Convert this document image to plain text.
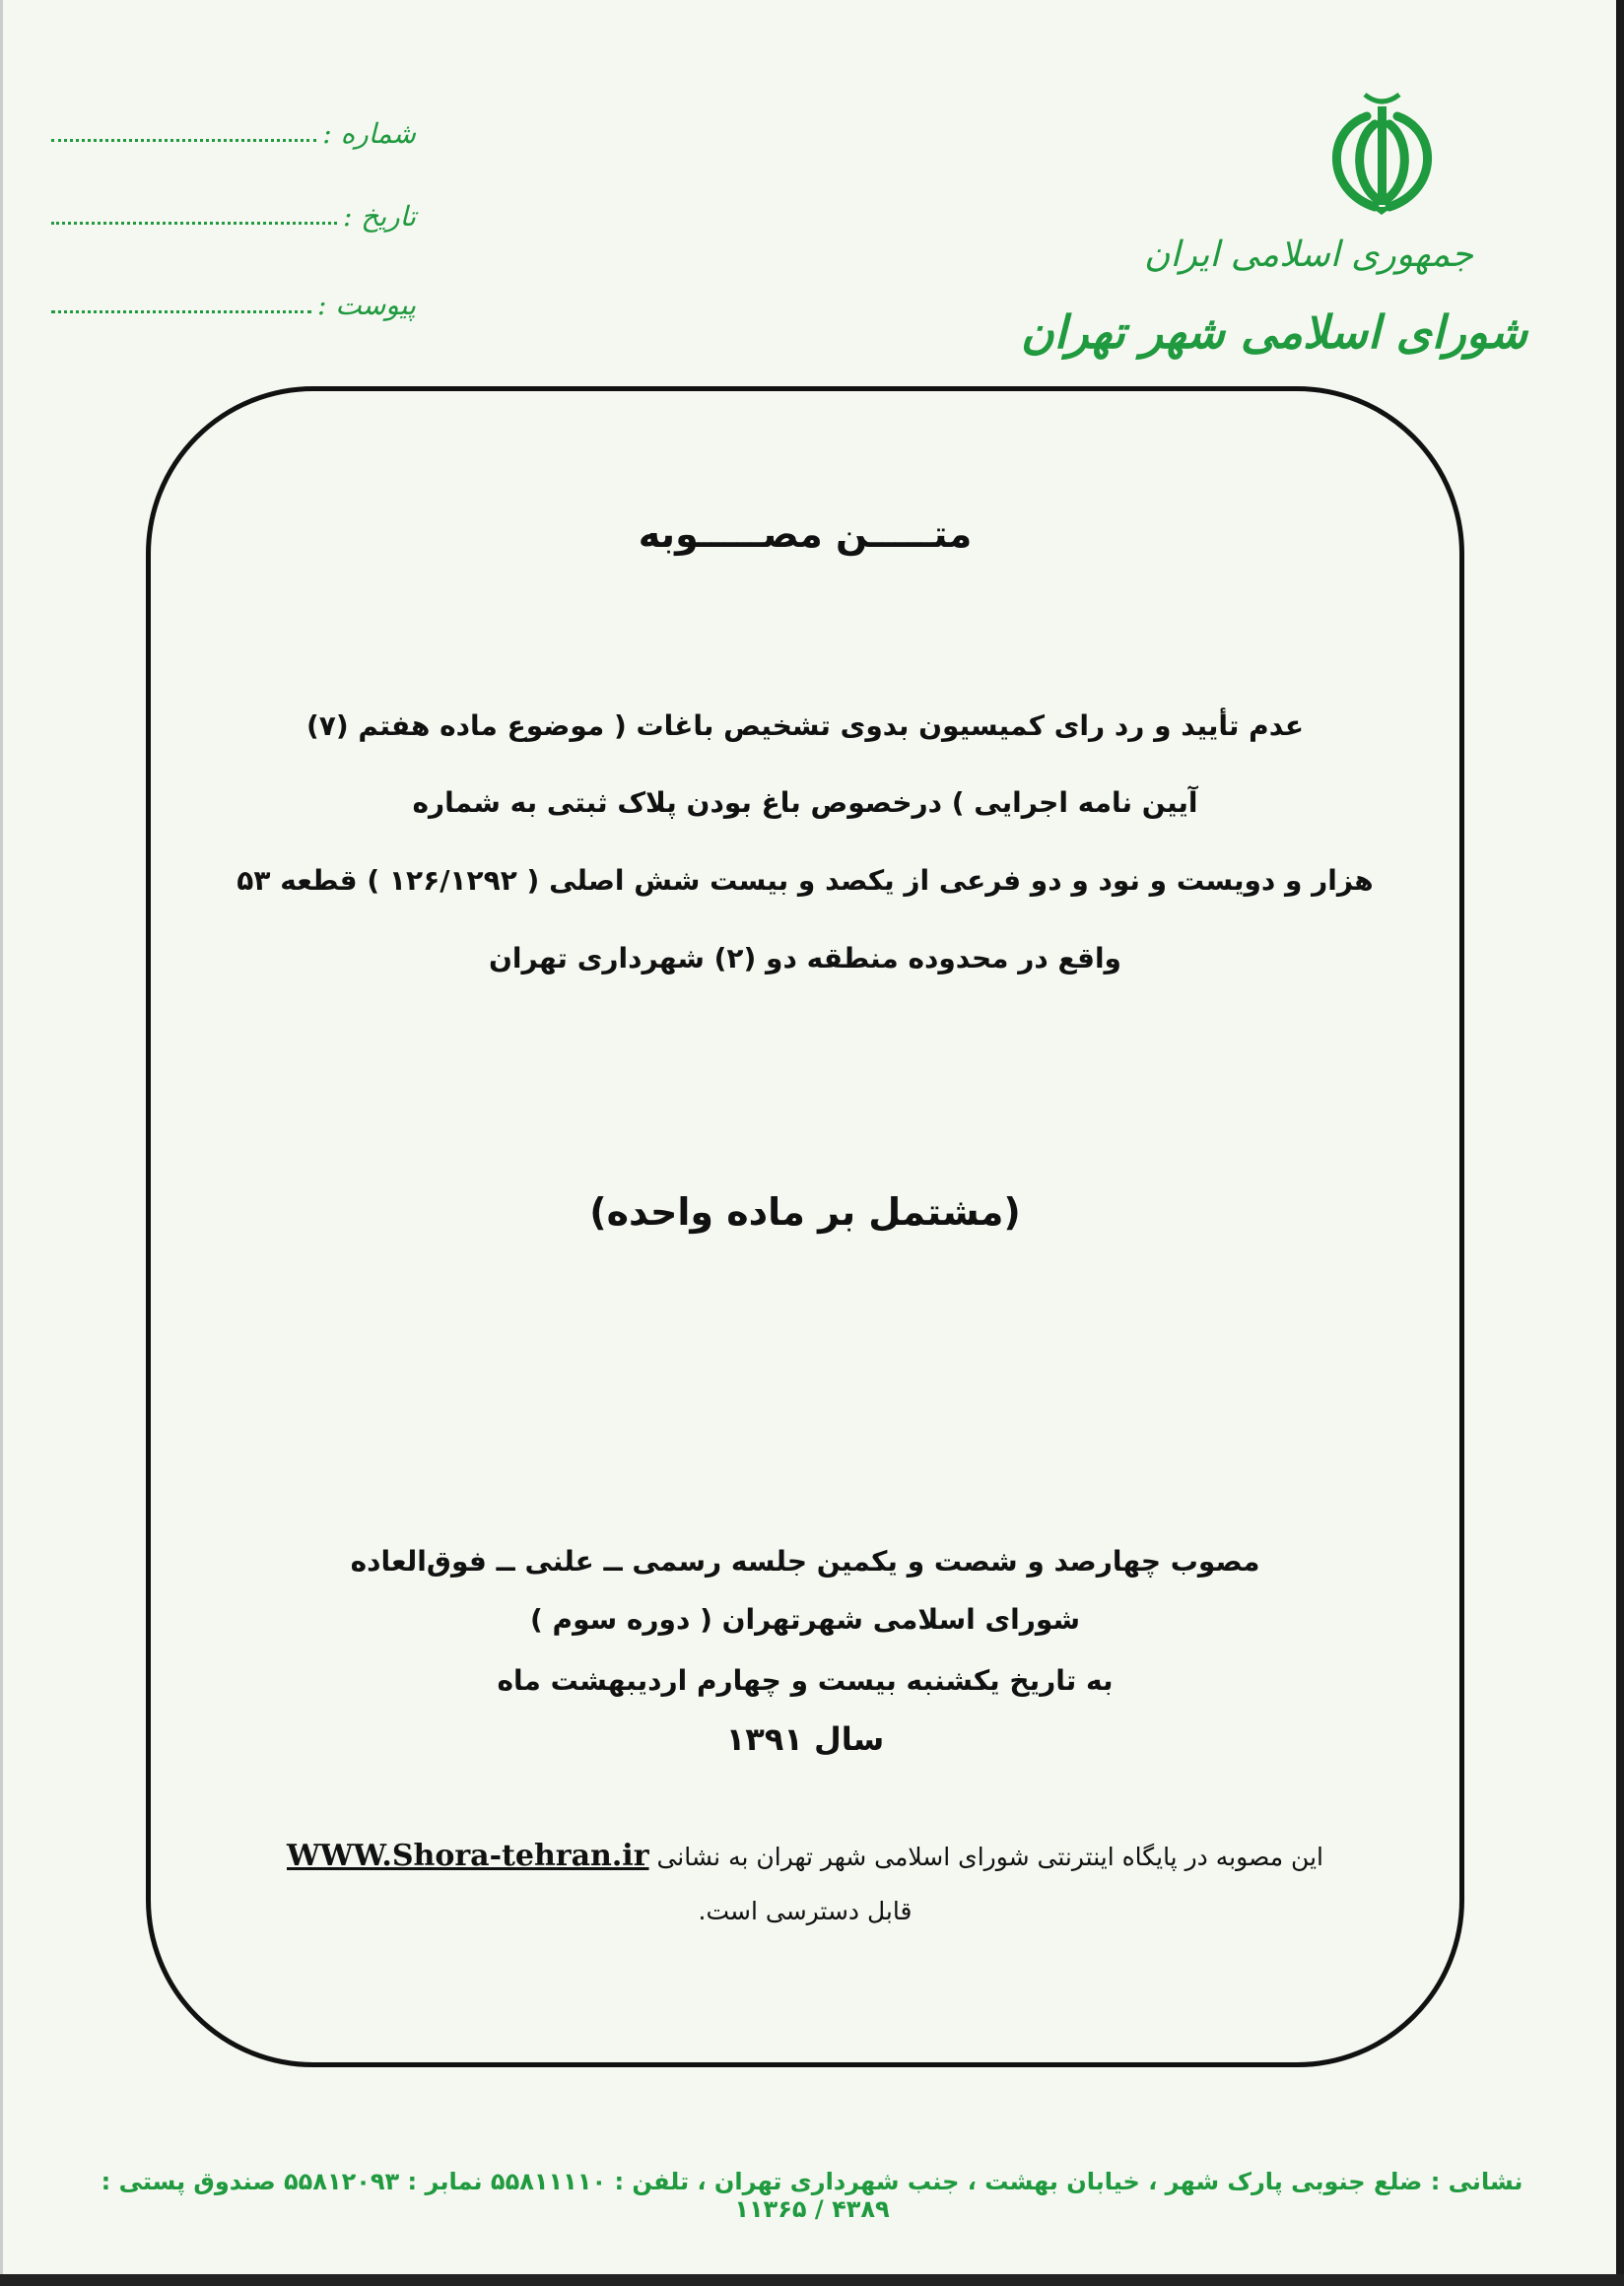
جمهوری اسلامی ایران
شورای اسلامی شهر تهران
شماره :
تاریخ :
پیوست :
متـــــن مصـــــوبه
عدم تأیید و رد رای کمیسیون بدوی تشخیص باغات ( موضوع ماده هفتم (۷)
آیین نامه اجرایی ) درخصوص باغ بودن پلاک ثبتی به شماره
هزار و دویست و نود و دو فرعی از یکصد و بیست شش اصلی ( ۱۲۶/۱۲۹۲ ) قطعه ۵۳
واقع در محدوده منطقه دو (۲) شهرداری تهران
(مشتمل بر ماده واحده)
مصوب چهارصد و شصت و یکمین جلسه رسمی ــ علنی ــ فوق‌العاده
شورای اسلامی شهرتهران ( دوره سوم )
به تاریخ یکشنبه بیست و چهارم اردیبهشت ماه
سال ۱۳۹۱
این مصوبه در پایگاه اینترنتی شورای اسلامی شهر تهران به نشانی WWW.Shora-tehran.ir
قابل دسترسی است.
نشانی : ضلع جنوبی پارک شهر ، خیابان بهشت ، جنب شهرداری تهران ، تلفن : ۵۵۸۱۱۱۱۰ نمابر : ۵۵۸۱۲۰۹۳ صندوق پستی : ۴۳۸۹ / ۱۱۳۶۵
